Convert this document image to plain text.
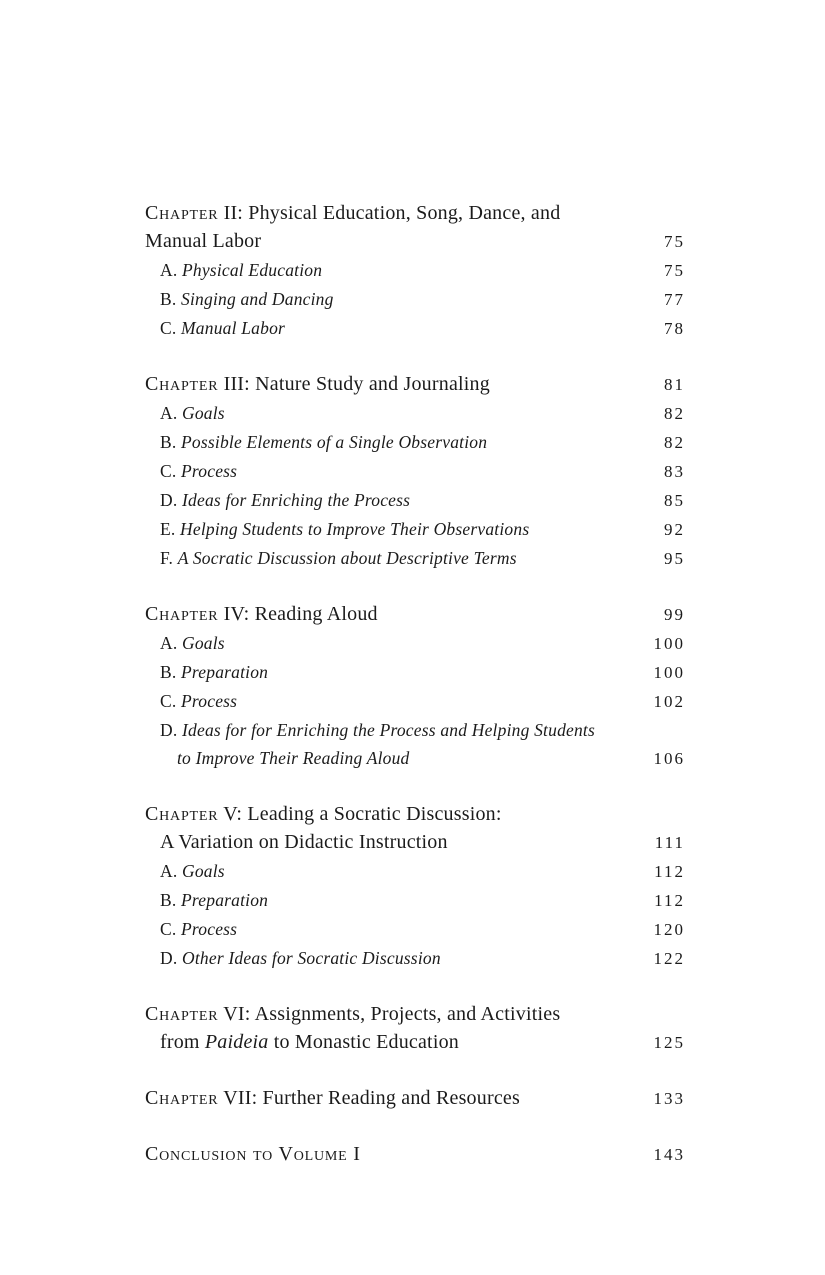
Chapter II: Physical Education, Song, Dance, and
Manual Labor	75
A. Physical Education	75
B. Singing and Dancing	77
C. Manual Labor	78
Chapter III: Nature Study and Journaling	81
A. Goals	82
B. Possible Elements of a Single Observation	82
C. Process	83
D. Ideas for Enriching the Process	85
E. Helping Students to Improve Their Observations	92
F. A Socratic Discussion about Descriptive Terms	95
Chapter IV: Reading Aloud	99
A. Goals	100
B. Preparation	100
C. Process	102
D. Ideas for for Enriching the Process and Helping Students
to Improve Their Reading Aloud	106
Chapter V: Leading a Socratic Discussion:
A Variation on Didactic Instruction	111
A. Goals	112
B. Preparation	112
C. Process	120
D. Other Ideas for Socratic Discussion	122
Chapter VI: Assignments, Projects, and Activities
from Paideia to Monastic Education	125
Chapter VII: Further Reading and Resources	133
Conclusion to Volume I	143
